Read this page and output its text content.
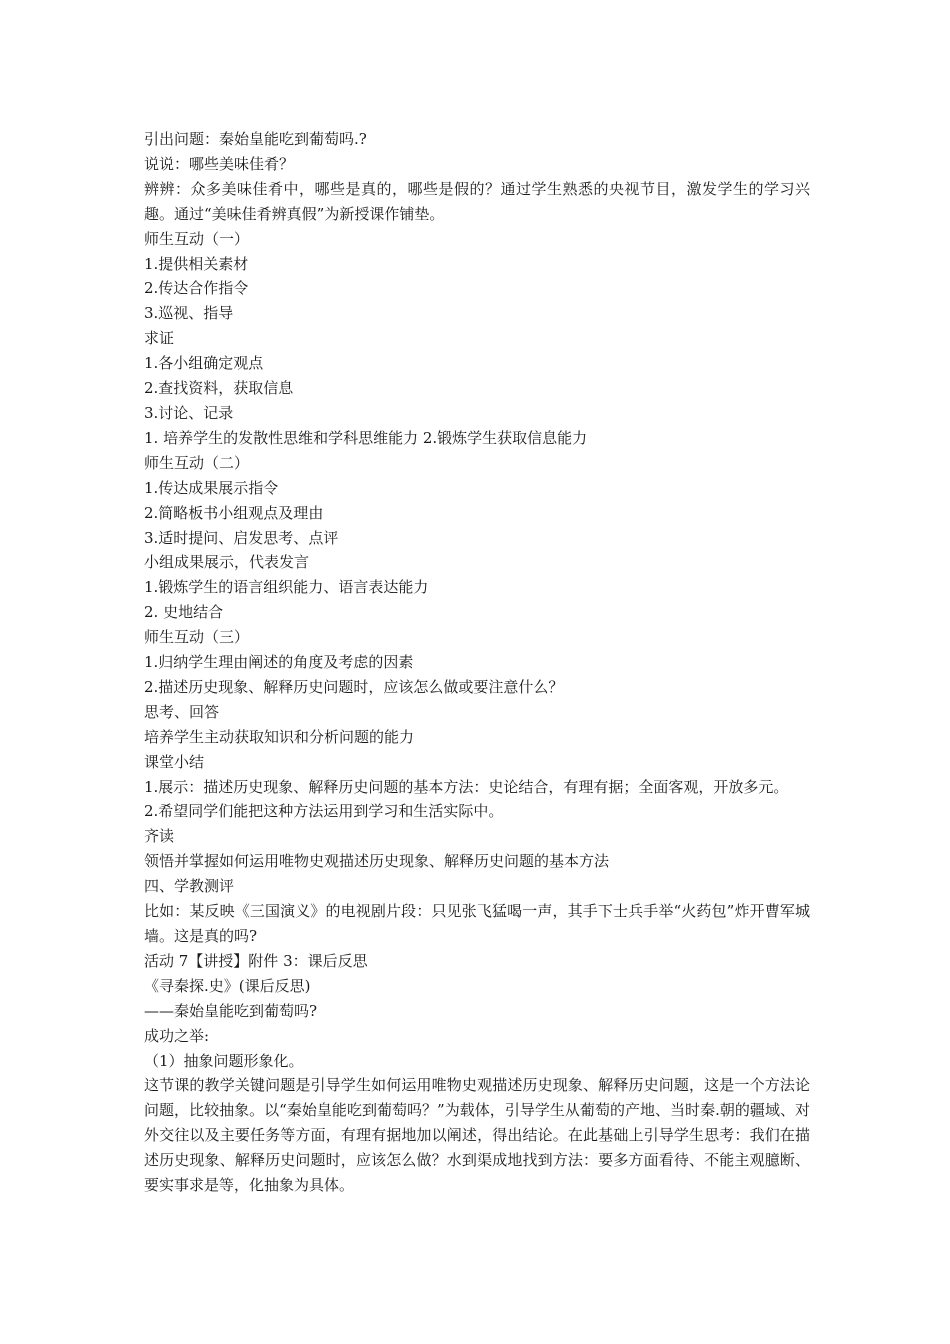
引出问题：秦始皇能吃到葡萄吗.?

说说：哪些美味佳肴？

辨辨：众多美味佳肴中，哪些是真的，哪些是假的？通过学生熟悉的央视节目，激发学生的学习兴趣。通过“美味佳肴辨真假”为新授课作铺垫。

师生互动（一）

1.提供相关素材

2.传达合作指令

3.巡视、指导

求证

1.各小组确定观点

2.查找资料，获取信息

3.讨论、记录

1. 培养学生的发散性思维和学科思维能力 2.锻炼学生获取信息能力

师生互动（二）

1.传达成果展示指令

2.简略板书小组观点及理由

3.适时提问、启发思考、点评

小组成果展示，代表发言

1.锻炼学生的语言组织能力、语言表达能力

2. 史地结合

师生互动（三）

1.归纳学生理由阐述的角度及考虑的因素

2.描述历史现象、解释历史问题时，应该怎么做或要注意什么？

思考、回答

培养学生主动获取知识和分析问题的能力

课堂小结

1.展示：描述历史现象、解释历史问题的基本方法：史论结合，有理有据；全面客观，开放多元。

2.希望同学们能把这种方法运用到学习和生活实际中。

齐读

领悟并掌握如何运用唯物史观描述历史现象、解释历史问题的基本方法

四、学教测评

比如：某反映《三国演义》的电视剧片段：只见张飞猛喝一声，其手下士兵手举“火药包”炸开曹军城墙。这是真的吗?

活动 7【讲授】附件 3：课后反思

《寻秦探.史》(课后反思)

——秦始皇能吃到葡萄吗?

成功之举:

（1）抽象问题形象化。

这节课的教学关键问题是引导学生如何运用唯物史观描述历史现象、解释历史问题，这是一个方法论问题，比较抽象。以“秦始皇能吃到葡萄吗？”为载体，引导学生从葡萄的产地、当时秦.朝的疆域、对外交往以及主要任务等方面，有理有据地加以阐述，得出结论。在此基础上引导学生思考：我们在描述历史现象、解释历史问题时，应该怎么做？水到渠成地找到方法：要多方面看待、不能主观臆断、要实事求是等，化抽象为具体。
